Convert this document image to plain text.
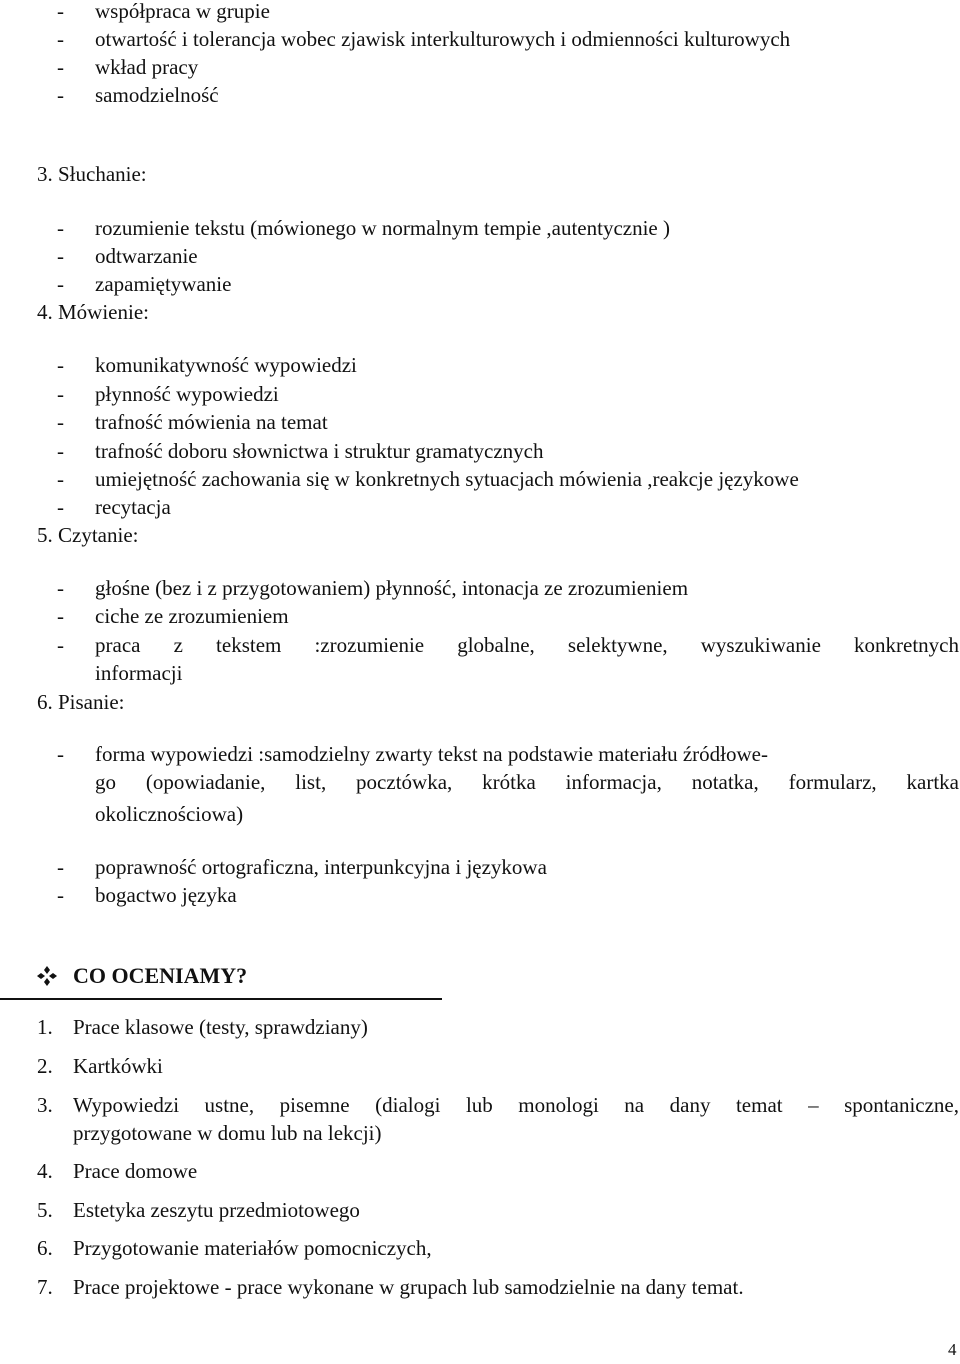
- współpraca w grupie
- otwartość i tolerancja wobec zjawisk interkulturowych i odmienności kulturowych
- wkład pracy
- samodzielność
3. Słuchanie:
- rozumienie tekstu (mówionego w normalnym tempie ,autentycznie )
- odtwarzanie
- zapamiętywanie
4. Mówienie:
- komunikatywność wypowiedzi
- płynność wypowiedzi
- trafność mówienia na temat
- trafność doboru słownictwa i struktur gramatycznych
- umiejętność zachowania się w konkretnych sytuacjach mówienia ,reakcje językowe
- recytacja
5. Czytanie:
- głośne (bez i z przygotowaniem) płynność, intonacja ze zrozumieniem
- ciche ze zrozumieniem
- praca z tekstem :zrozumienie globalne, selektywne, wyszukiwanie konkretnych
informacji
6. Pisanie:
- forma wypowiedzi :samodzielny zwarty tekst na podstawie materiału źródłowe-
go (opowiadanie, list, pocztówka, krótka informacja, notatka, formularz, kartka
okolicznościowa)
- poprawność ortograficzna, interpunkcyjna i językowa
- bogactwo języka
CO OCENIAMY?
1. Prace klasowe (testy, sprawdziany)
2. Kartkówki
3. Wypowiedzi ustne, pisemne (dialogi lub monologi na dany temat – spontaniczne,
przygotowane w domu lub na lekcji)
4. Prace domowe
5. Estetyka zeszytu przedmiotowego
6. Przygotowanie materiałów pomocniczych,
7. Prace projektowe - prace wykonane w grupach lub samodzielnie na dany temat.
4
